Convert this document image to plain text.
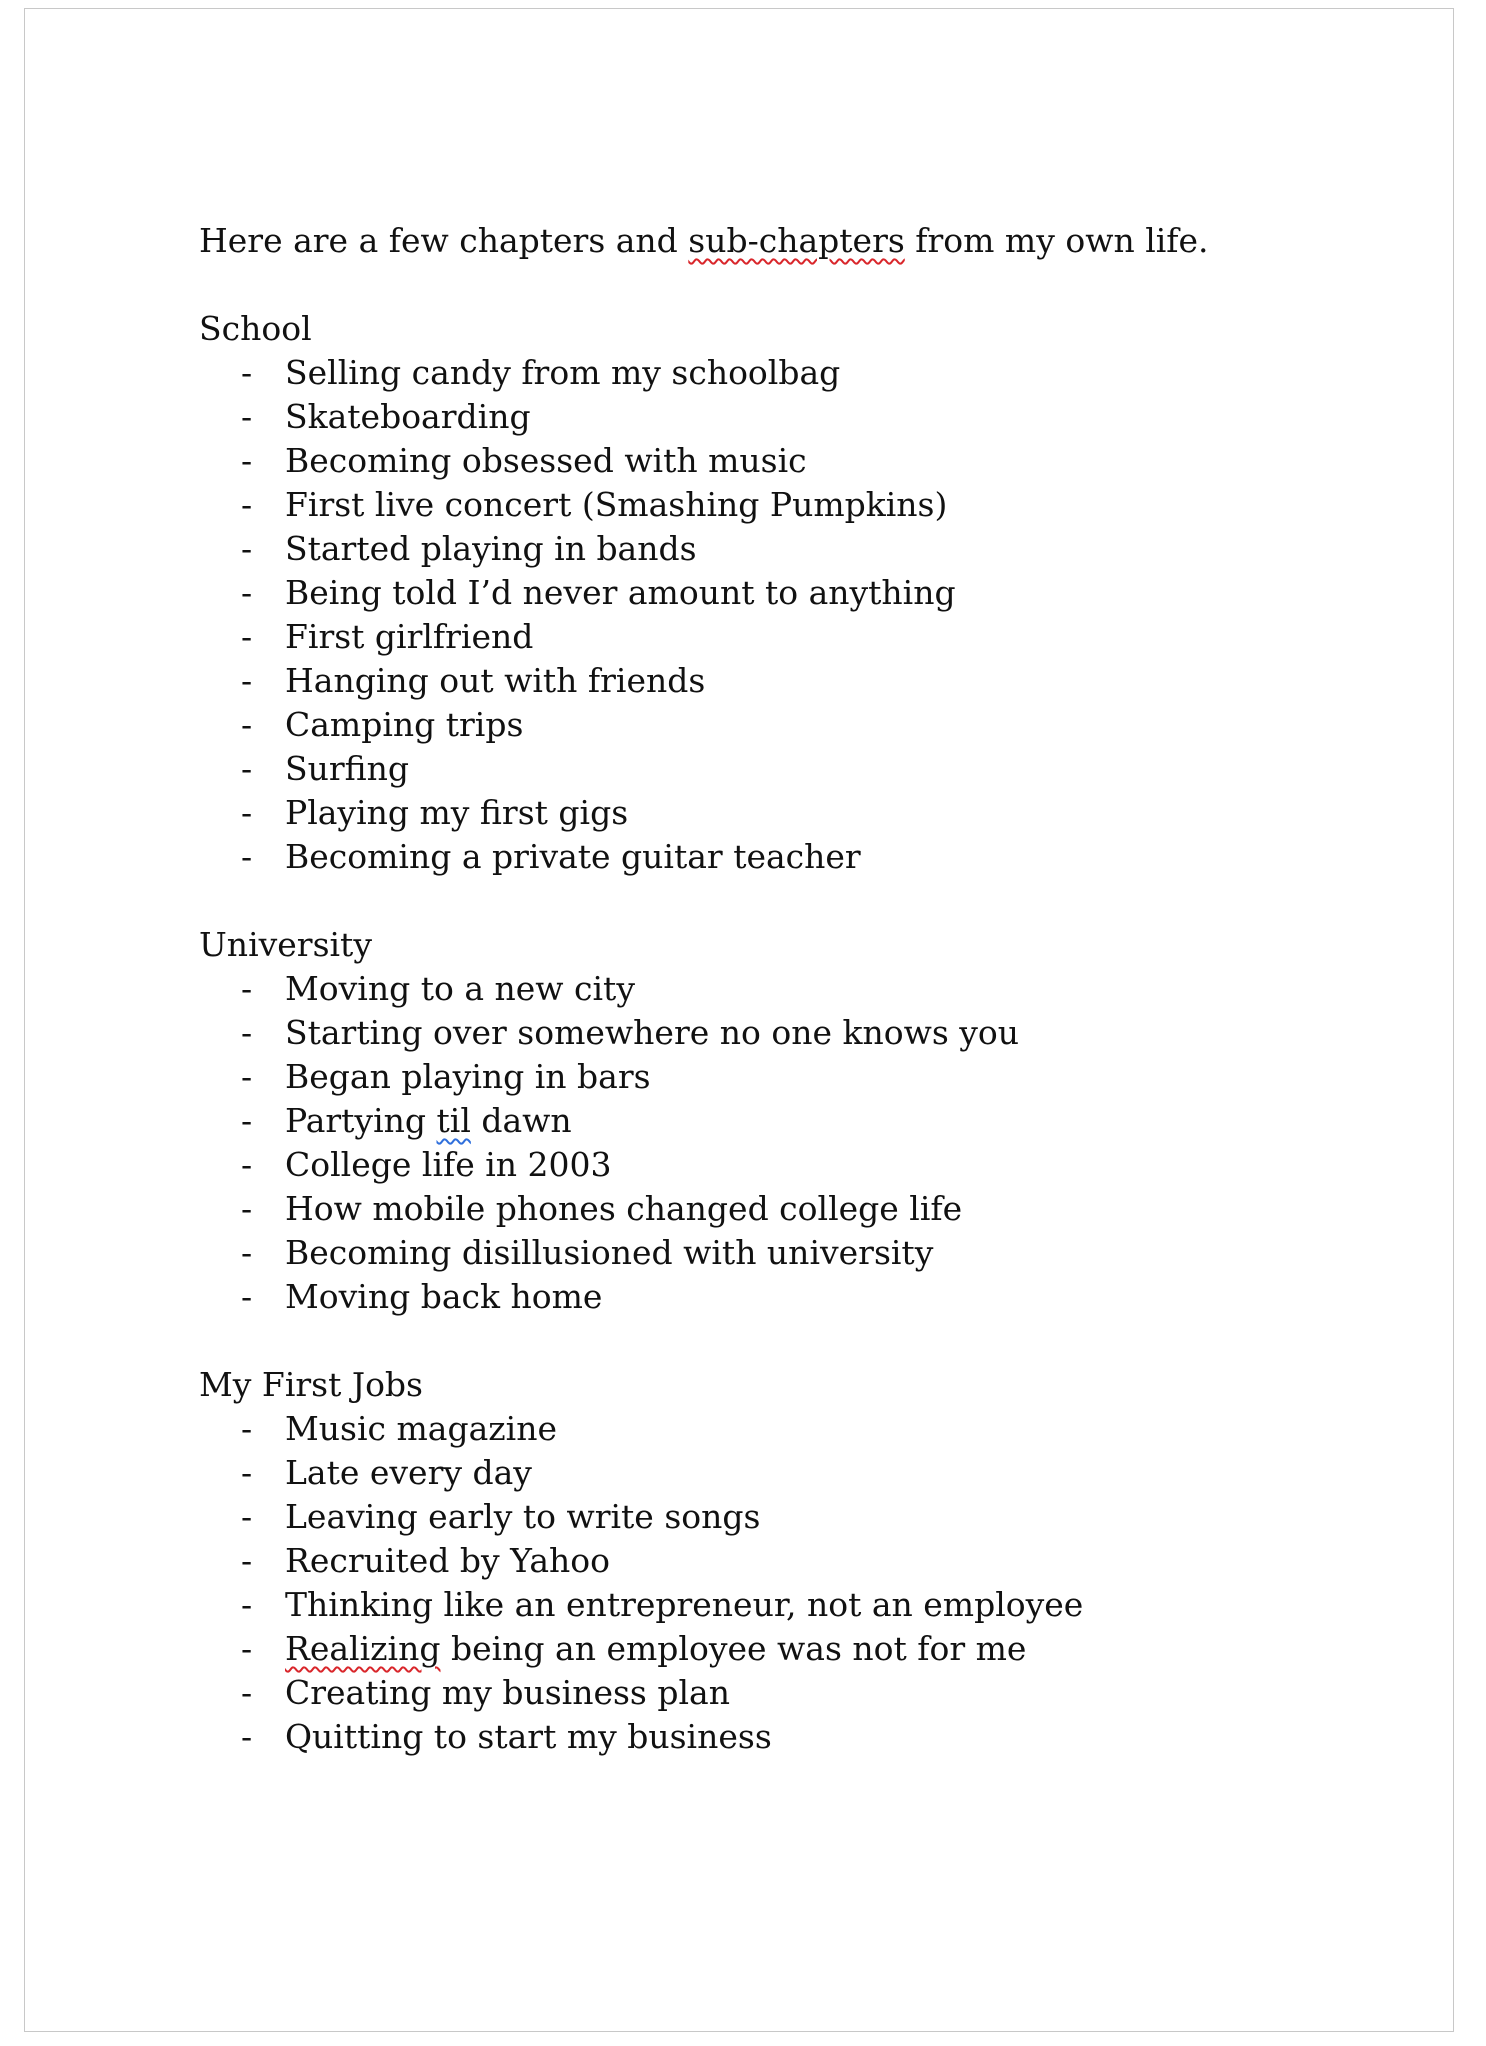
Here are a few chapters and sub-chapters from my own life.

School

- Selling candy from my schoolbag
- Skateboarding
- Becoming obsessed with music
- First live concert (Smashing Pumpkins)
- Started playing in bands
- Being told I’d never amount to anything
- First girlfriend
- Hanging out with friends
- Camping trips
- Surfing
- Playing my first gigs
- Becoming a private guitar teacher

University

- Moving to a new city
- Starting over somewhere no one knows you
- Began playing in bars
- Partying til dawn
- College life in 2003
- How mobile phones changed college life
- Becoming disillusioned with university
- Moving back home

My First Jobs

- Music magazine
- Late every day
- Leaving early to write songs
- Recruited by Yahoo
- Thinking like an entrepreneur, not an employee
- Realizing being an employee was not for me
- Creating my business plan
- Quitting to start my business
